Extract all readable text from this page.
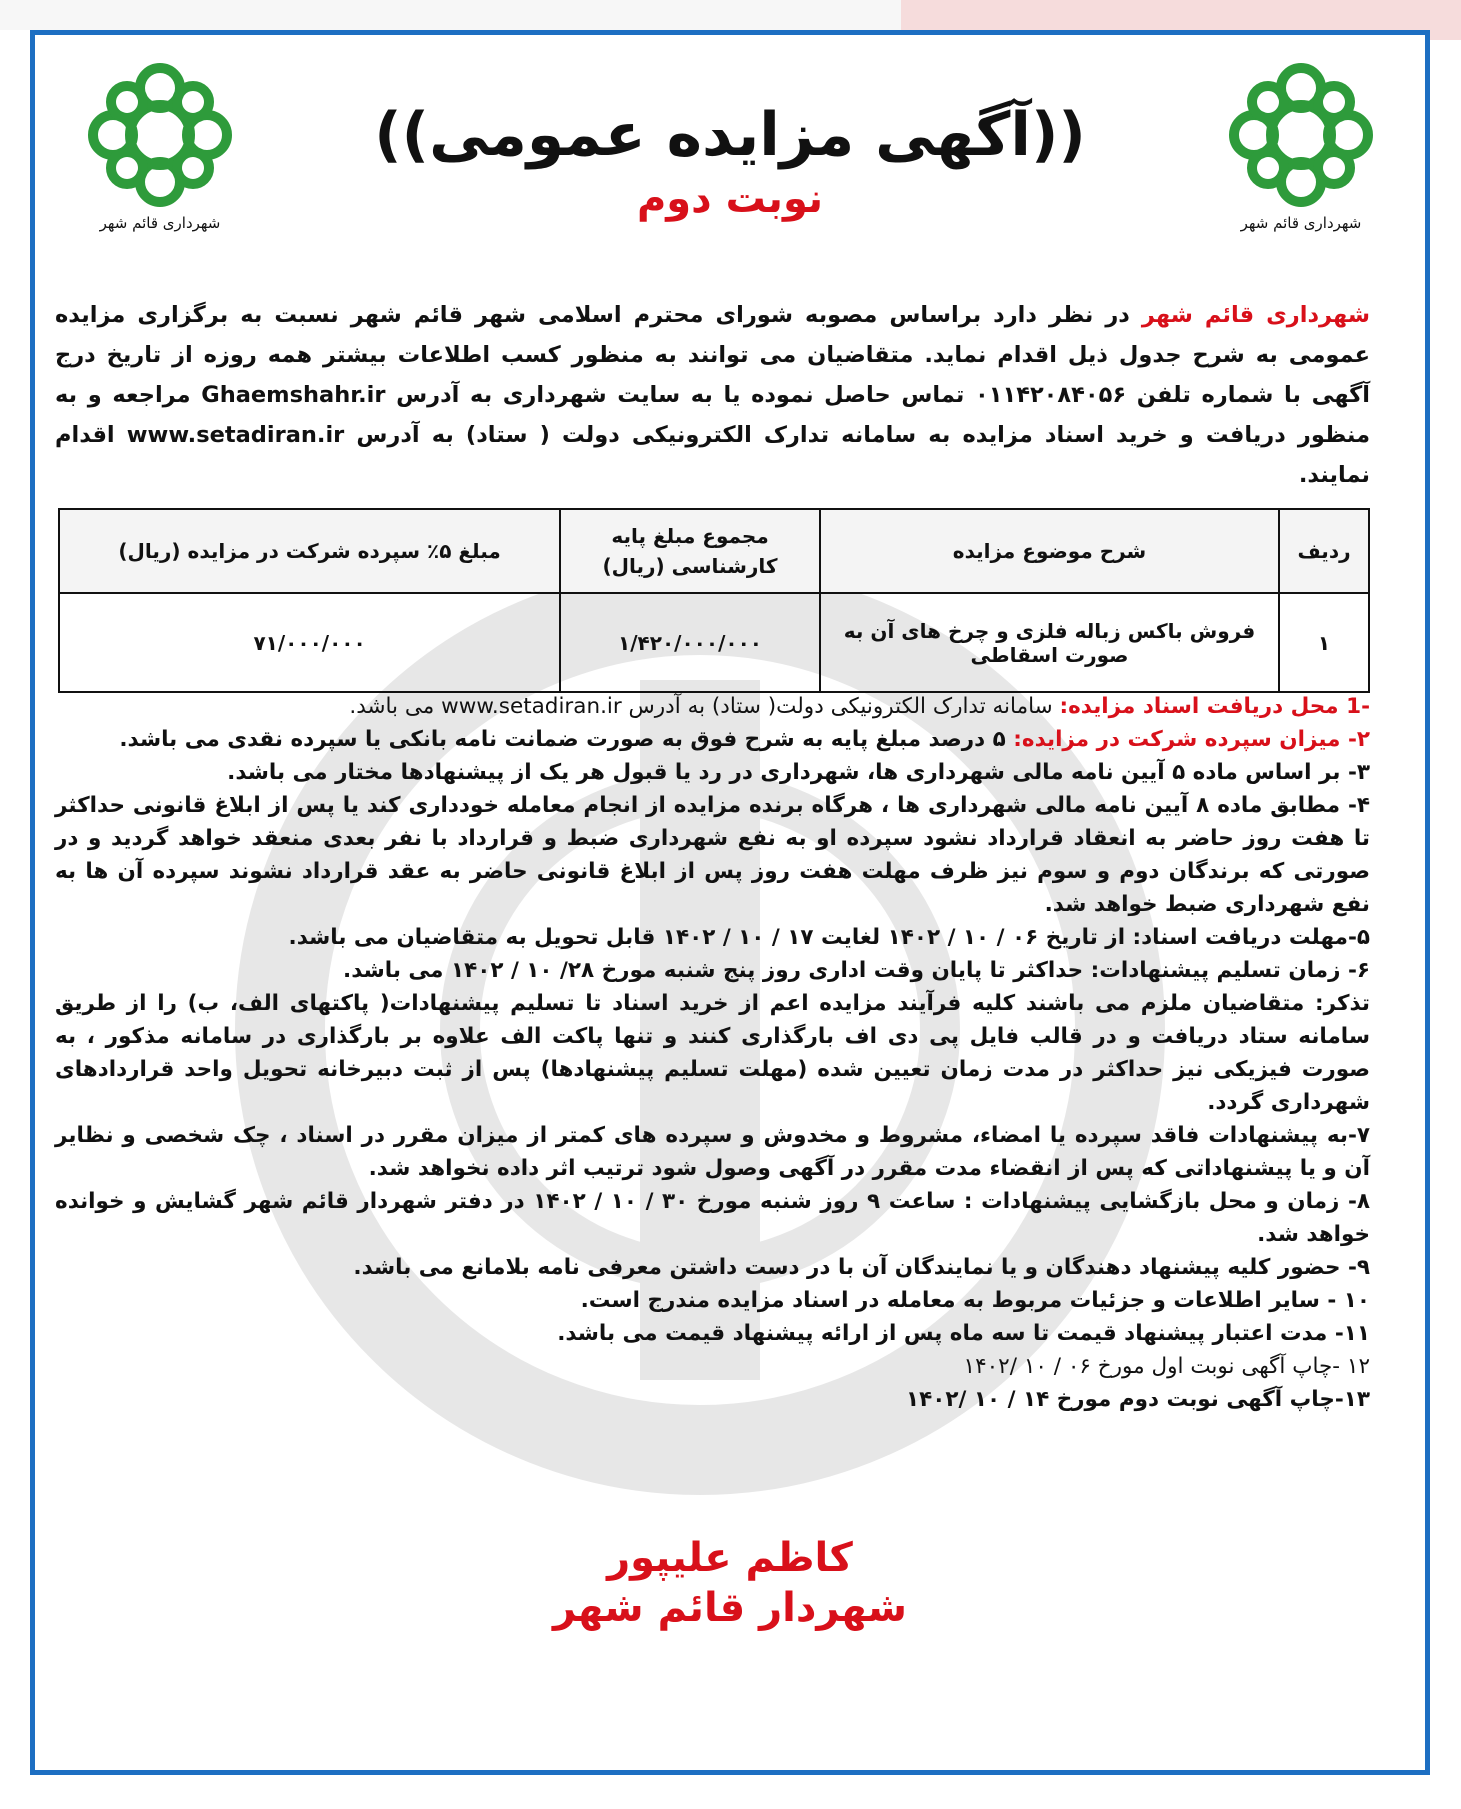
شهرداری قائم شهر	شهرداری قائم شهر
((آگهی مزایده عمومی))
نوبت دوم
شهرداری قائم شهر در نظر دارد براساس مصوبه شورای محترم اسلامی شهر قائم شهر نسبت به برگزاری مزایده عمومی به شرح جدول ذیل اقدام نماید. متقاضیان می توانند به منظور کسب اطلاعات بیشتر همه روزه از تاریخ درج آگهی با شماره تلفن ۰۱۱۴۲۰۸۴۰۵۶ تماس حاصل نموده یا به سایت شهرداری به آدرس Ghaemshahr.ir مراجعه و به منظور دریافت و خرید اسناد مزایده به سامانه تدارک الکترونیکی دولت ( ستاد) به آدرس www.setadiran.ir اقدام نمایند.
ردیف	شرح موضوع مزایده	مجموع مبلغ پایه کارشناسی (ریال)	مبلغ ۵٪ سپرده شرکت در مزایده (ریال)
۱	فروش باکس زباله فلزی و چرخ های آن به صورت اسقاطی	۱/۴۲۰/۰۰۰/۰۰۰	۷۱/۰۰۰/۰۰۰

-1 محل دریافت اسناد مزایده: سامانه تدارک الکترونیکی دولت( ستاد) به آدرس www.setadiran.ir می باشد.

۲- میزان سپرده شرکت در مزایده: ۵ درصد مبلغ پایه به شرح فوق به صورت ضمانت نامه بانکی یا سپرده نقدی می باشد.

۳- بر اساس ماده ۵ آیین نامه مالی شهرداری ها، شهرداری در رد یا قبول هر یک از پیشنهادها مختار می باشد.

۴- مطابق ماده ۸ آیین نامه مالی شهرداری ها ، هرگاه برنده مزایده از انجام معامله خودداری کند یا پس از ابلاغ قانونی حداکثر تا هفت روز حاضر به انعقاد قرارداد نشود سپرده او به نفع شهرداری ضبط و قرارداد با نفر بعدی منعقد خواهد گردید و در صورتی که برندگان دوم و سوم نیز ظرف مهلت هفت روز پس از ابلاغ قانونی حاضر به عقد قرارداد نشوند سپرده آن ها به نفع شهرداری ضبط خواهد شد.

۵-مهلت دریافت اسناد: از تاریخ ۰۶ / ۱۰ / ۱۴۰۲ لغایت ۱۷ / ۱۰ / ۱۴۰۲ قابل تحویل به متقاضیان می باشد.

۶- زمان تسلیم پیشنهادات: حداکثر تا پایان وقت اداری روز پنج شنبه مورخ ۲۸/ ۱۰ / ۱۴۰۲ می باشد.

تذکر: متقاضیان ملزم می باشند کلیه فرآیند مزایده اعم از خرید اسناد تا تسلیم پیشنهادات( پاکتهای الف، ب) را از طریق سامانه ستاد دریافت و در قالب فایل پی دی اف بارگذاری کنند و تنها پاکت الف علاوه بر بارگذاری در سامانه مذکور ، به صورت فیزیکی نیز حداکثر در مدت زمان تعیین شده (مهلت تسلیم پیشنهادها) پس از ثبت دبیرخانه تحویل واحد قراردادهای شهرداری گردد.

۷-به پیشنهادات فاقد سپرده یا امضاء، مشروط و مخدوش و سپرده های کمتر از میزان مقرر در اسناد ، چک شخصی و نظایر آن و یا پیشنهاداتی که پس از انقضاء مدت مقرر در آگهی وصول شود ترتیب اثر داده نخواهد شد.

۸- زمان و محل بازگشایی پیشنهادات : ساعت ۹ روز شنبه مورخ ۳۰ / ۱۰ / ۱۴۰۲ در دفتر شهردار قائم شهر گشایش و خوانده خواهد شد.

۹- حضور کلیه پیشنهاد دهندگان و یا نمایندگان آن با در دست داشتن معرفی نامه بلامانع می باشد.

۱۰ - سایر اطلاعات و جزئیات مربوط به معامله در اسناد مزایده مندرج است.

۱۱- مدت اعتبار پیشنهاد قیمت تا سه ماه پس از ارائه پیشنهاد قیمت می باشد.

۱۲ -چاپ آگهی نوبت اول مورخ ۰۶ / ۱۰ /۱۴۰۲

۱۳-چاپ آگهی نوبت دوم مورخ ۱۴ / ۱۰ /۱۴۰۲

کاظم علیپور
شهردار قائم شهر
